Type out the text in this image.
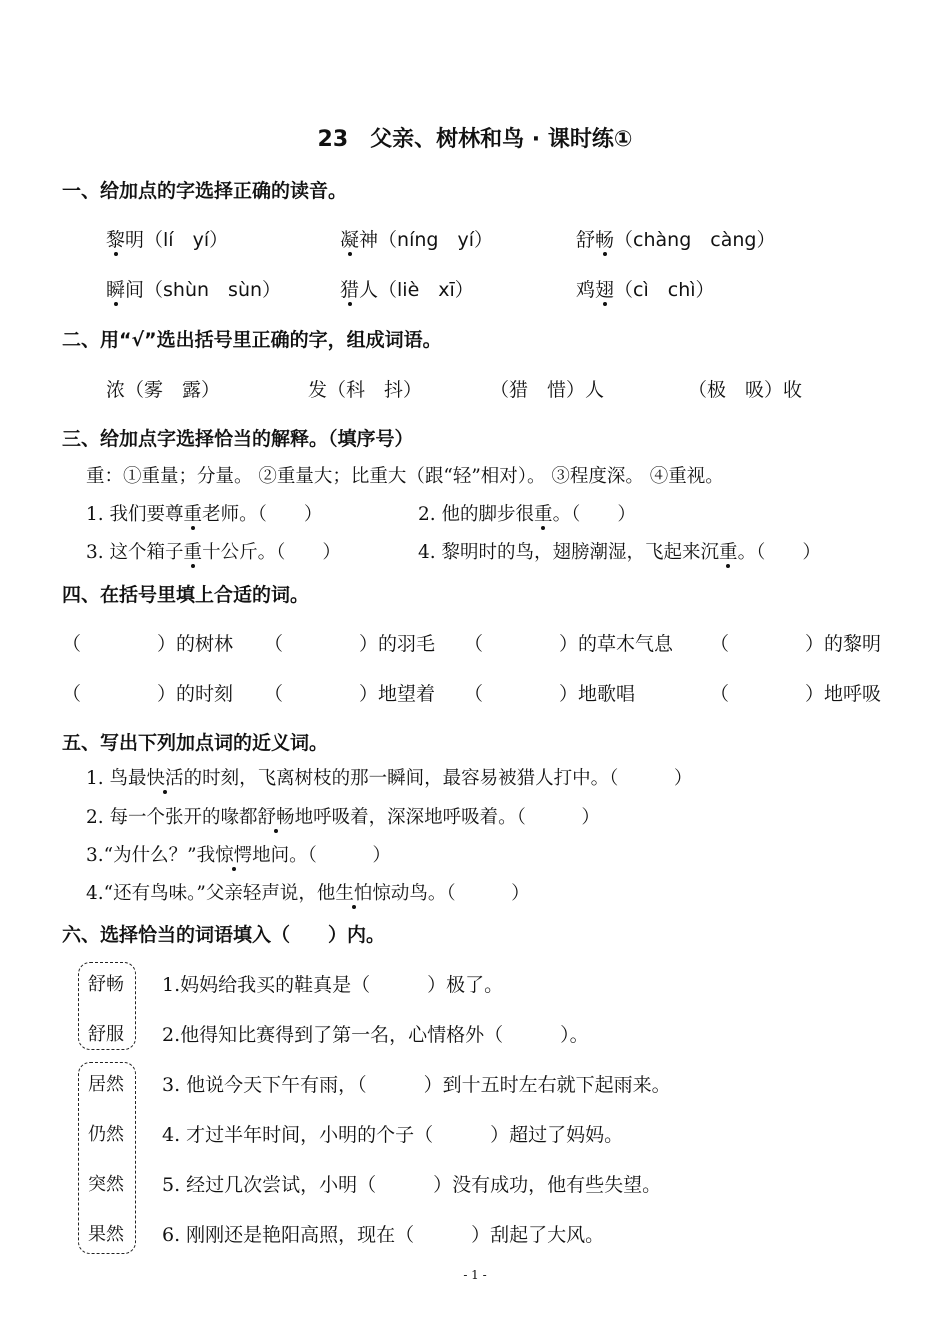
23　父亲、树林和鸟 · 课时练①
一、给加点的字选择正确的读音。
黎明（lí　yí）	凝神（níng　yí）	舒畅（chàng　càng）
瞬间（shùn　sùn）	猎人（liè　xī）	鸡翅（cì　chì）
二、用“√”选出括号里正确的字，组成词语。
浓（雾　露）	发（科　抖）	（猎　惜）人	（极　吸）收
三、给加点字选择恰当的解释。（填序号）
重：①重量；分量。 ②重量大；比重大（跟“轻”相对）。 ③程度深。 ④重视。
1. 我们要尊重老师。（　　）	2. 他的脚步很重。（　　）
3. 这个箱子重十公斤。（　　）	4. 黎明时的鸟，翅膀潮湿，飞起来沉重。（　　）
四、在括号里填上合适的词。
（　　　　）的树林 （　　　　）的羽毛 （　　　　）的草木气息 （　　　　）的黎明
（　　　　）的时刻 （　　　　）地望着 （　　　　）地歌唱	（　　　　）地呼吸
五、写出下列加点词的近义词。
1. 鸟最快活的时刻，飞离树枝的那一瞬间，最容易被猎人打中。（　　　）
2. 每一个张开的喙都舒畅地呼吸着，深深地呼吸着。（　　　）
3.“为什么？”我惊愕地问。（　　　）
4.“还有鸟味。”父亲轻声说，他生怕惊动鸟。（　　　）
六、选择恰当的词语填入（　　）内。
舒畅
舒服
居然
仍然
突然
果然
1.妈妈给我买的鞋真是（　　　）极了。
2.他得知比赛得到了第一名，心情格外（　　　）。
3. 他说今天下午有雨，（　　　）到十五时左右就下起雨来。
4. 才过半年时间，小明的个子（　　　）超过了妈妈。
5. 经过几次尝试，小明（　　　）没有成功，他有些失望。
6. 刚刚还是艳阳高照，现在（　　　）刮起了大风。
- 1 -
